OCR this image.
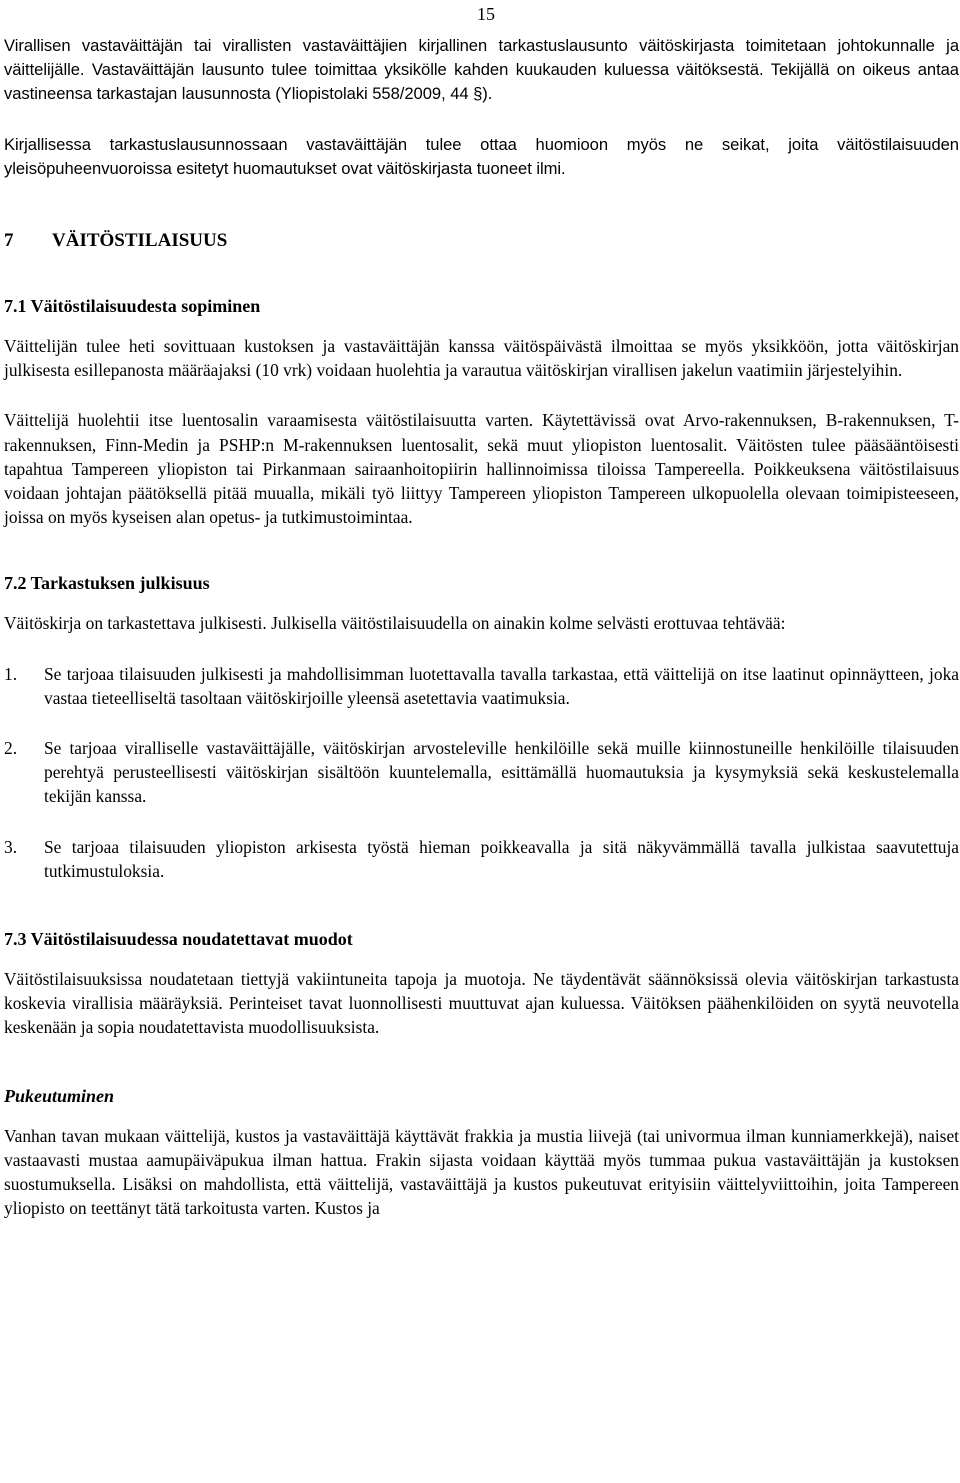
15

Virallisen vastaväittäjän tai virallisten vastaväittäjien kirjallinen tarkastuslausunto väitöskirjasta toimitetaan johtokunnalle ja väittelijälle. Vastaväittäjän lausunto tulee toimittaa yksikölle kahden kuukauden kuluessa väitöksestä. Tekijällä on oikeus antaa vastineensa tarkastajan lausunnosta (Yliopistolaki 558/2009, 44 §).

Kirjallisessa tarkastuslausunnossaan vastaväittäjän tulee ottaa huomioon myös ne seikat, joita väitöstilaisuuden yleisöpuheenvuoroissa esitetyt huomautukset ovat väitöskirjasta tuoneet ilmi.

7	VÄITÖSTILAISUUS
7.1 Väitöstilaisuudesta sopiminen

Väittelijän tulee heti sovittuaan kustoksen ja vastaväittäjän kanssa väitöspäivästä ilmoittaa se myös yksikköön, jotta väitöskirjan julkisesta esillepanosta määräajaksi (10 vrk) voidaan huolehtia ja varautua väitöskirjan virallisen jakelun vaatimiin järjestelyihin.

Väittelijä huolehtii itse luentosalin varaamisesta väitöstilaisuutta varten. Käytettävissä ovat Arvo-rakennuksen, B-rakennuksen, T-rakennuksen, Finn-Medin ja PSHP:n M-rakennuksen luentosalit, sekä muut yliopiston luentosalit. Väitösten tulee pääsääntöisesti tapahtua Tampereen yliopiston tai Pirkanmaan sairaanhoitopiirin hallinnoimissa tiloissa Tampereella. Poikkeuksena väitöstilaisuus voidaan johtajan päätöksellä pitää muualla, mikäli työ liittyy Tampereen yliopiston Tampereen ulkopuolella olevaan toimipisteeseen, joissa on myös kyseisen alan opetus- ja tutkimustoimintaa.

7.2 Tarkastuksen julkisuus

Väitöskirja on tarkastettava julkisesti. Julkisella väitöstilaisuudella on ainakin kolme selvästi erottuvaa tehtävää:

1.	Se tarjoaa tilaisuuden julkisesti ja mahdollisimman luotettavalla tavalla tarkastaa, että väittelijä on itse laatinut opinnäytteen, joka vastaa tieteelliseltä tasoltaan väitöskirjoille yleensä asetettavia vaatimuksia.
2.	Se tarjoaa viralliselle vastaväittäjälle, väitöskirjan arvosteleville henkilöille sekä muille kiinnostuneille henkilöille tilaisuuden perehtyä perusteellisesti väitöskirjan sisältöön kuuntelemalla, esittämällä huomautuksia ja kysymyksiä sekä keskustelemalla tekijän kanssa.
3.	Se tarjoaa tilaisuuden yliopiston arkisesta työstä hieman poikkeavalla ja sitä näkyvämmällä tavalla julkistaa saavutettuja tutkimustuloksia.
7.3 Väitöstilaisuudessa noudatettavat muodot

Väitöstilaisuuksissa noudatetaan tiettyjä vakiintuneita tapoja ja muotoja. Ne täydentävät säännöksissä olevia väitöskirjan tarkastusta koskevia virallisia määräyksiä. Perinteiset tavat luonnollisesti muuttuvat ajan kuluessa. Väitöksen päähenkilöiden on syytä neuvotella keskenään ja sopia noudatettavista muodollisuuksista.

Pukeutuminen

Vanhan tavan mukaan väittelijä, kustos ja vastaväittäjä käyttävät frakkia ja mustia liivejä (tai univormua ilman kunniamerkkejä), naiset vastaavasti mustaa aamupäiväpukua ilman hattua. Frakin sijasta voidaan käyttää myös tummaa pukua vastaväittäjän ja kustoksen suostumuksella. Lisäksi on mahdollista, että väittelijä, vastaväittäjä ja kustos pukeutuvat erityisiin väittelyviittoihin, joita Tampereen yliopisto on teettänyt tätä tarkoitusta varten. Kustos ja
